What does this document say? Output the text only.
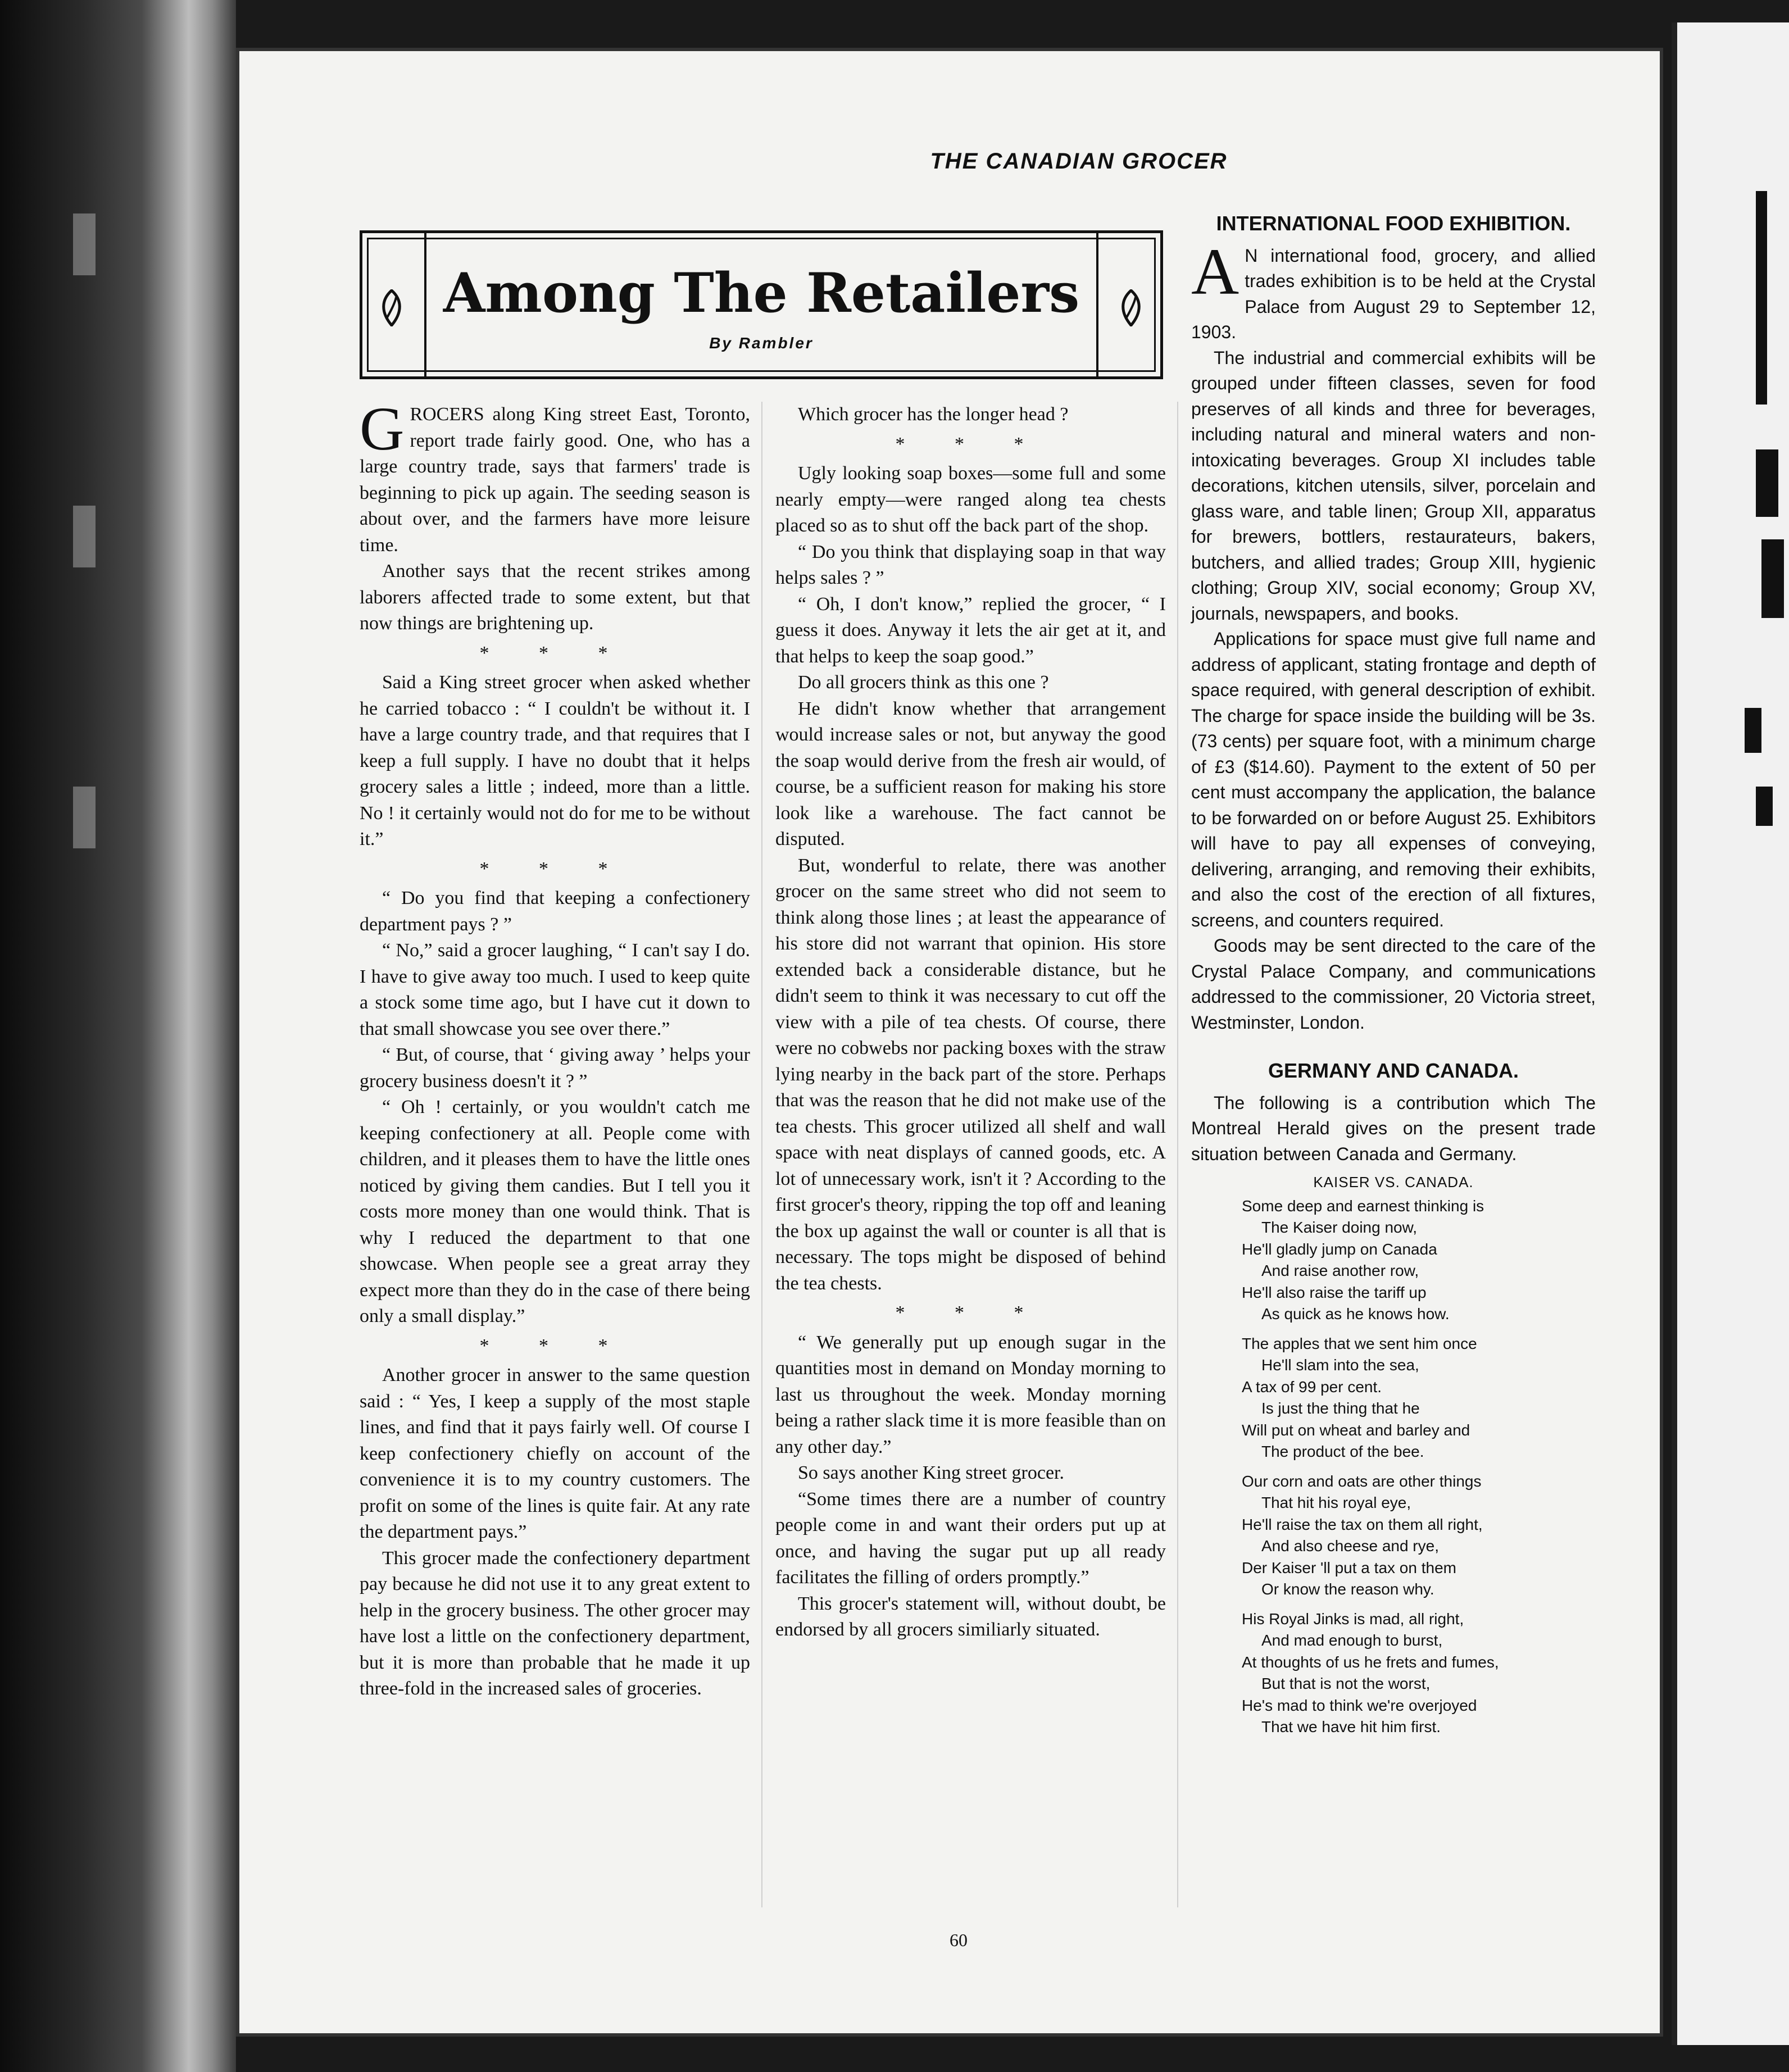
THE CANADIAN GROCER
Among The Retailers
By Rambler

GROCERS along King street East, Toronto, report trade fairly good. One, who has a large country trade, says that farmers' trade is beginning to pick up again. The seeding season is about over, and the farmers have more leisure time.

Another says that the recent strikes among laborers affected trade to some extent, but that now things are brightening up.

* * *

Said a King street grocer when asked whether he carried tobacco : “ I couldn't be without it. I have a large country trade, and that requires that I keep a full supply. I have no doubt that it helps grocery sales a little ; indeed, more than a little. No ! it certainly would not do for me to be without it.”

* * *

“ Do you find that keeping a confectionery department pays ? ”

“ No,” said a grocer laughing, “ I can't say I do. I have to give away too much. I used to keep quite a stock some time ago, but I have cut it down to that small showcase you see over there.”

“ But, of course, that ‘ giving away ’ helps your grocery business doesn't it ? ”

“ Oh ! certainly, or you wouldn't catch me keeping confectionery at all. People come with children, and it pleases them to have the little ones noticed by giving them candies. But I tell you it costs more money than one would think. That is why I reduced the department to that one showcase. When people see a great array they expect more than they do in the case of there being only a small display.”

* * *

Another grocer in answer to the same question said : “ Yes, I keep a supply of the most staple lines, and find that it pays fairly well. Of course I keep confectionery chiefly on account of the convenience it is to my country customers. The profit on some of the lines is quite fair. At any rate the department pays.”

This grocer made the confectionery department pay because he did not use it to any great extent to help in the grocery business. The other grocer may have lost a little on the confectionery department, but it is more than probable that he made it up three-fold in the increased sales of groceries.

Which grocer has the longer head ?

* * *

Ugly looking soap boxes—some full and some nearly empty—were ranged along tea chests placed so as to shut off the back part of the shop.

“ Do you think that displaying soap in that way helps sales ? ”

“ Oh, I don't know,” replied the grocer, “ I guess it does. Anyway it lets the air get at it, and that helps to keep the soap good.”

Do all grocers think as this one ?

He didn't know whether that arrangement would increase sales or not, but anyway the good the soap would derive from the fresh air would, of course, be a sufficient reason for making his store look like a warehouse. The fact cannot be disputed.

But, wonderful to relate, there was another grocer on the same street who did not seem to think along those lines ; at least the appearance of his store did not warrant that opinion. His store extended back a considerable distance, but he didn't seem to think it was necessary to cut off the view with a pile of tea chests. Of course, there were no cobwebs nor packing boxes with the straw lying nearby in the back part of the store. Perhaps that was the reason that he did not make use of the tea chests. This grocer utilized all shelf and wall space with neat displays of canned goods, etc. A lot of unnecessary work, isn't it ? According to the first grocer's theory, ripping the top off and leaning the box up against the wall or counter is all that is necessary. The tops might be disposed of behind the tea chests.

* * *

“ We generally put up enough sugar in the quantities most in demand on Monday morning to last us throughout the week. Monday morning being a rather slack time it is more feasible than on any other day.”

So says another King street grocer.

“Some times there are a number of country people come in and want their orders put up at once, and having the sugar put up all ready facilitates the filling of orders promptly.”

This grocer's statement will, without doubt, be endorsed by all grocers similiarly situated.

INTERNATIONAL FOOD EXHIBITION.

A N international food, grocery, and allied trades exhibition is to be held at the Crystal Palace from August 29 to September 12, 1903.

The industrial and commercial exhibits will be grouped under fifteen classes, seven for food preserves of all kinds and three for beverages, including natural and mineral waters and non-intoxicating beverages. Group XI includes table decorations, kitchen utensils, silver, porcelain and glass ware, and table linen; Group XII, apparatus for brewers, bottlers, restaurateurs, bakers, butchers, and allied trades; Group XIII, hygienic clothing; Group XIV, social economy; Group XV, journals, newspapers, and books.

Applications for space must give full name and address of applicant, stating frontage and depth of space required, with general description of exhibit. The charge for space inside the building will be 3s. (73 cents) per square foot, with a minimum charge of £3 ($14.60). Payment to the extent of 50 per cent must accompany the application, the balance to be forwarded on or before August 25. Exhibitors will have to pay all expenses of conveying, delivering, arranging, and removing their exhibits, and also the cost of the erection of all fixtures, screens, and counters required.

Goods may be sent directed to the care of the Crystal Palace Company, and communications addressed to the commissioner, 20 Victoria street, Westminster, London.

GERMANY AND CANADA.

The following is a contribution which The Montreal Herald gives on the present trade situation between Canada and Germany.

KAISER VS. CANADA.
Some deep and earnest thinking is
The Kaiser doing now,
He'll gladly jump on Canada
And raise another row,
He'll also raise the tariff up
As quick as he knows how.
The apples that we sent him once
He'll slam into the sea,
A tax of 99 per cent.
Is just the thing that he
Will put on wheat and barley and
The product of the bee.
Our corn and oats are other things
That hit his royal eye,
He'll raise the tax on them all right,
And also cheese and rye,
Der Kaiser 'll put a tax on them
Or know the reason why.
His Royal Jinks is mad, all right,
And mad enough to burst,
At thoughts of us he frets and fumes,
But that is not the worst,
He's mad to think we're overjoyed
That we have hit him first.
60
